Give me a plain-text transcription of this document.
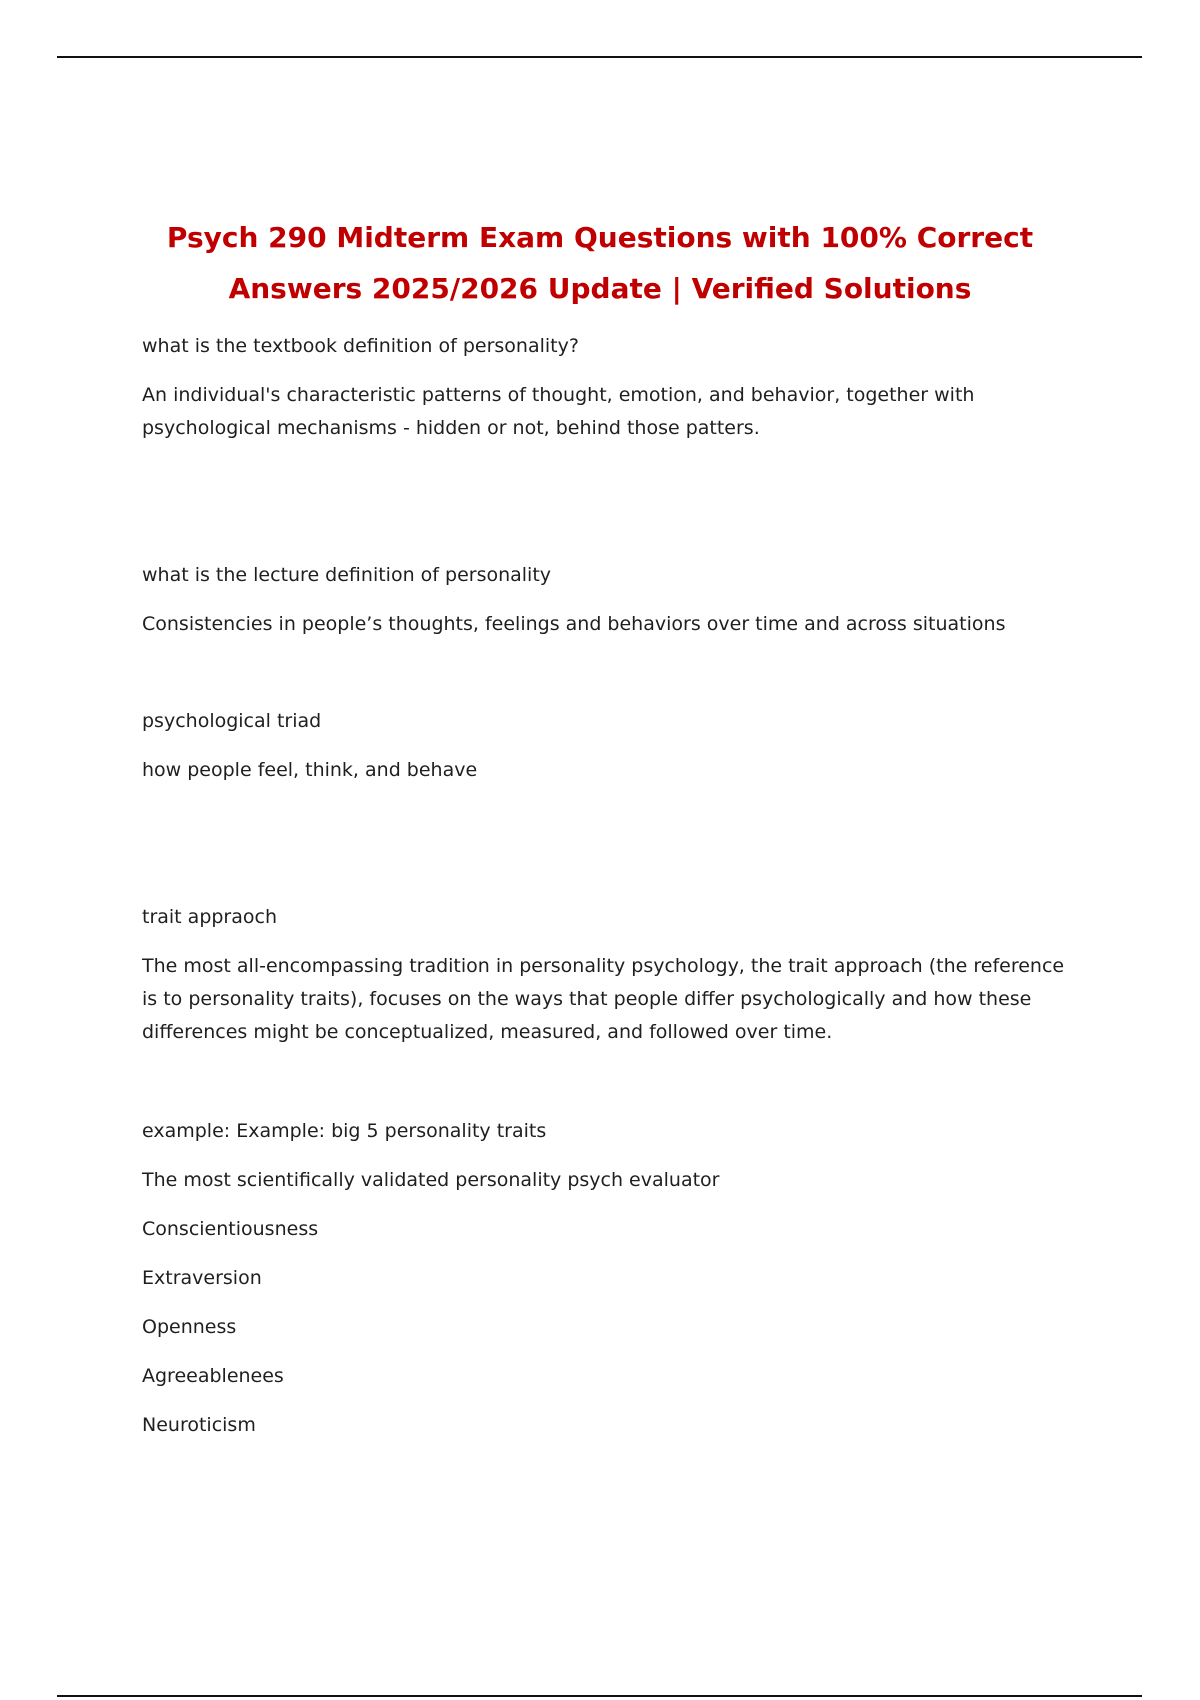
Psych 290 Midterm Exam Questions with 100% Correct
Answers 2025/2026 Update | Verified Solutions

what is the textbook definition of personality?

An individual's characteristic patterns of thought, emotion, and behavior, together with psychological mechanisms - hidden or not, behind those patters.

what is the lecture definition of personality

Consistencies in people’s thoughts, feelings and behaviors over time and across situations

psychological triad

how people feel, think, and behave

trait appraoch

The most all-encompassing tradition in personality psychology, the trait approach (the reference is to personality traits), focuses on the ways that people differ psychologically and how these differences might be conceptualized, measured, and followed over time.

example: Example: big 5 personality traits

The most scientifically validated personality psych evaluator

Conscientiousness

Extraversion

Openness

Agreeablenees

Neuroticism
